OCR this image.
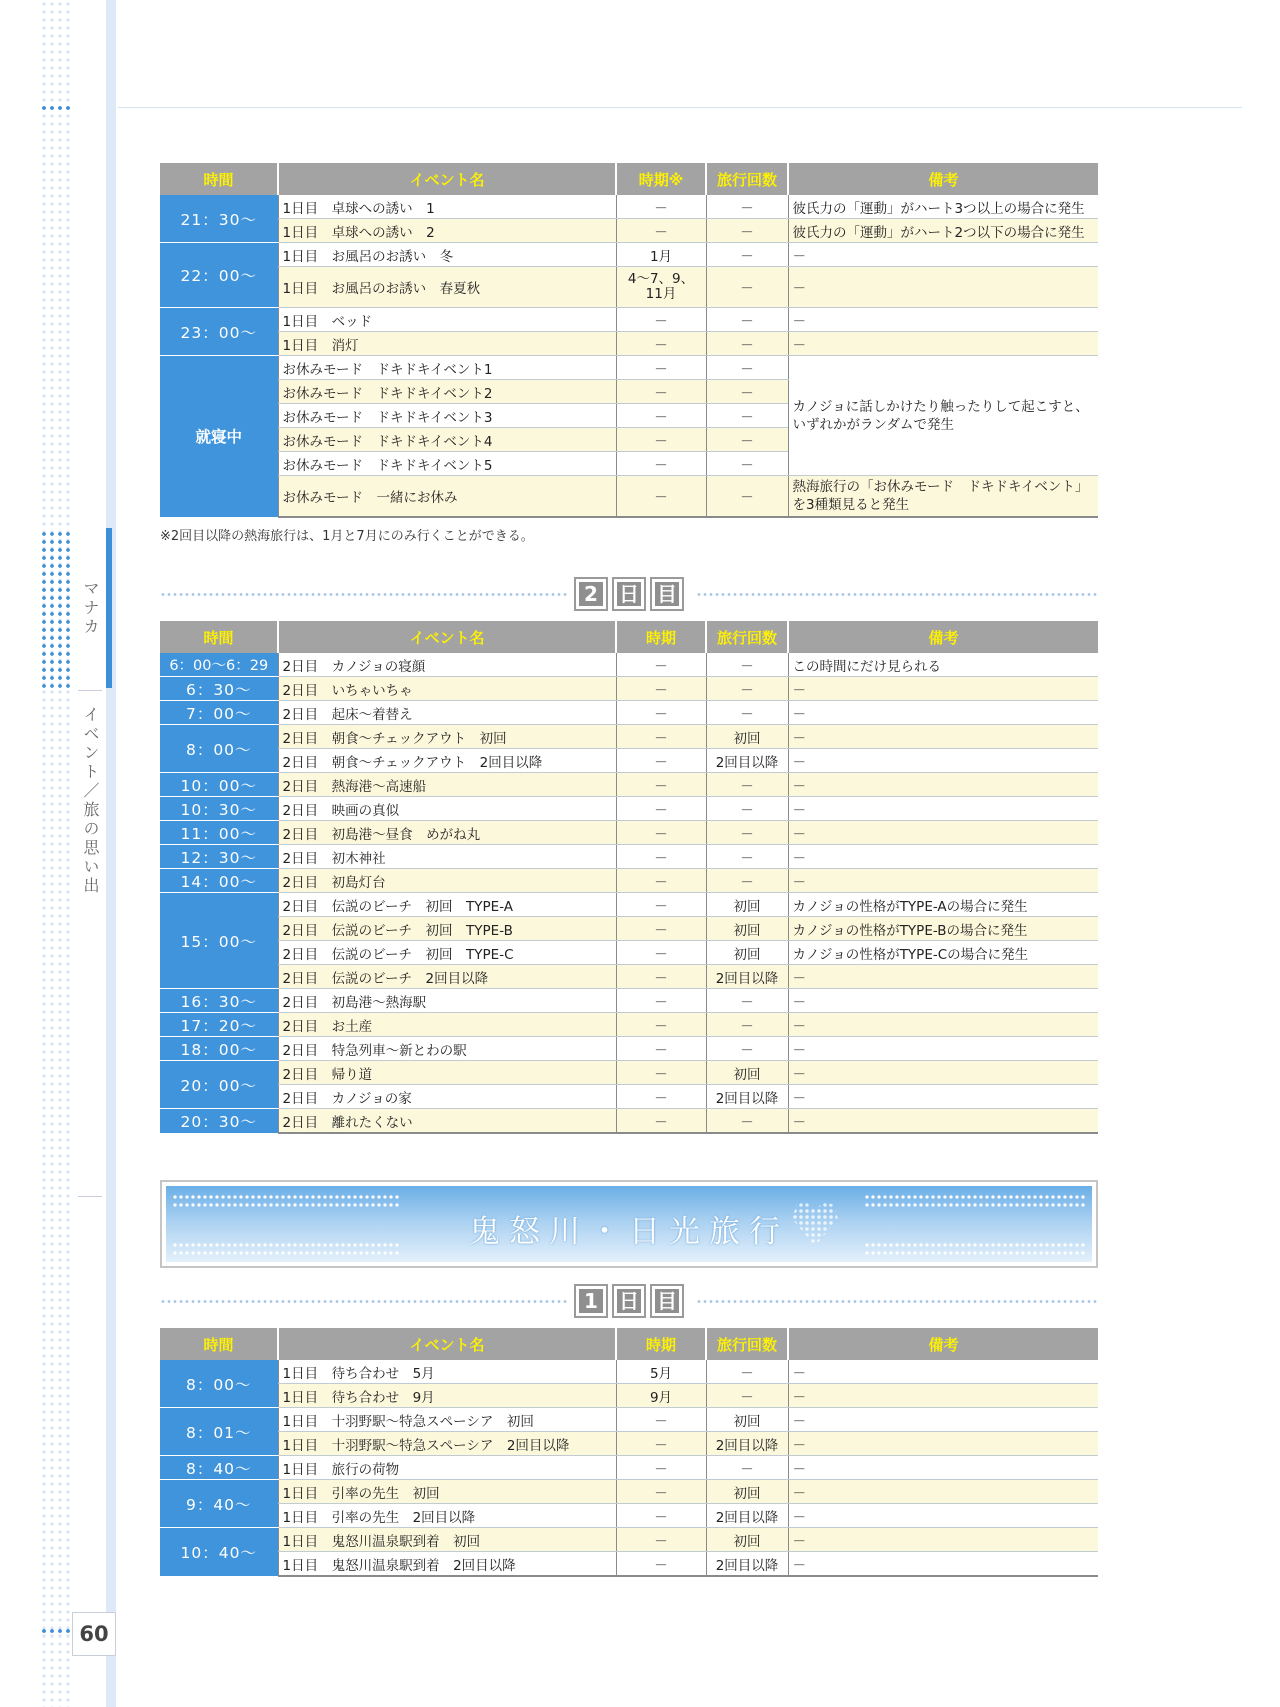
マナカ
イベント／旅の思い出
60
時間	イベント名	時期※	旅行回数	備考
21：30～	1日目　卓球への誘い　1	－	－	彼氏力の「運動」がハート3つ以上の場合に発生
	1日目　卓球への誘い　2	－	－	彼氏力の「運動」がハート2つ以下の場合に発生
22：00～	1日目　お風呂のお誘い　冬	1月	－	－
	1日目　お風呂のお誘い　春夏秋	4～7、9、11月	－	－
23：00～	1日目　ベッド	－	－	－
	1日目　消灯	－	－	－
就寝中	お休みモード　ドキドキイベント1	－	－	カノジョに話しかけたり触ったりして起こすと、いずれかがランダムで発生
	お休みモード　ドキドキイベント2	－	－	
	お休みモード　ドキドキイベント3	－	－	
	お休みモード　ドキドキイベント4	－	－	
	お休みモード　ドキドキイベント5	－	－	
	お休みモード　一緒にお休み	－	－	熱海旅行の「お休みモード　ドキドキイベント」を3種類見ると発生
※2回目以降の熱海旅行は、1月と7月にのみ行くことができる。
2 日 目
時間	イベント名	時期	旅行回数	備考
6：00～6：29	2日目　カノジョの寝顔	－	－	この時間にだけ見られる
6：30～	2日目　いちゃいちゃ	－	－	－
7：00～	2日目　起床～着替え	－	－	－
8：00～	2日目　朝食～チェックアウト　初回	－	初回	－
	2日目　朝食～チェックアウト　2回目以降	－	2回目以降	－
10：00～	2日目　熱海港～高速船	－	－	－
10：30～	2日目　映画の真似	－	－	－
11：00～	2日目　初島港～昼食　めがね丸	－	－	－
12：30～	2日目　初木神社	－	－	－
14：00～	2日目　初島灯台	－	－	－
15：00～	2日目　伝説のビーチ　初回　TYPE-A	－	初回	カノジョの性格がTYPE-Aの場合に発生
	2日目　伝説のビーチ　初回　TYPE-B	－	初回	カノジョの性格がTYPE-Bの場合に発生
	2日目　伝説のビーチ　初回　TYPE-C	－	初回	カノジョの性格がTYPE-Cの場合に発生
	2日目　伝説のビーチ　2回目以降	－	2回目以降	－
16：30～	2日目　初島港～熱海駅	－	－	－
17：20～	2日目　お土産	－	－	－
18：00～	2日目　特急列車～新とわの駅	－	－	－
20：00～	2日目　帰り道	－	初回	－
	2日目　カノジョの家	－	2回目以降	－
20：30～	2日目　離れたくない	－	－	－
鬼怒川・日光旅行
1 日 目
時間	イベント名	時期	旅行回数	備考
8：00～	1日目　待ち合わせ　5月	5月	－	－
	1日目　待ち合わせ　9月	9月	－	－
8：01～	1日目　十羽野駅～特急スペーシア　初回	－	初回	－
	1日目　十羽野駅～特急スペーシア　2回目以降	－	2回目以降	－
8：40～	1日目　旅行の荷物	－	－	－
9：40～	1日目　引率の先生　初回	－	初回	－
	1日目　引率の先生　2回目以降	－	2回目以降	－
10：40～	1日目　鬼怒川温泉駅到着　初回	－	初回	－
	1日目　鬼怒川温泉駅到着　2回目以降	－	2回目以降	－
